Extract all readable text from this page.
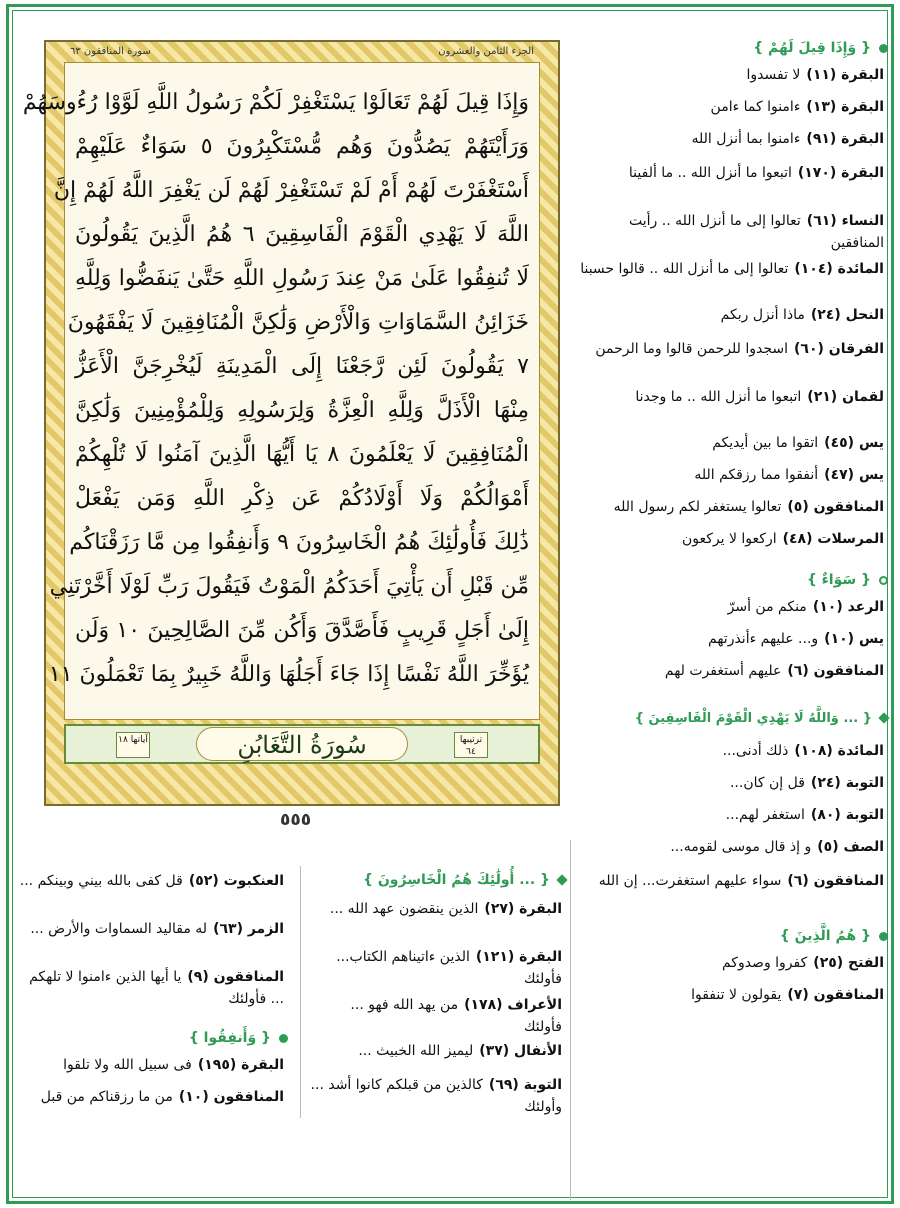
الجزء الثامن والعشرون
سورة المنافقون ٦٣
وَإِذَا قِيلَ لَهُمْ تَعَالَوْا يَسْتَغْفِرْ لَكُمْ رَسُولُ اللَّهِ لَوَّوْا رُءُوسَهُمْ
وَرَأَيْتَهُمْ يَصُدُّونَ وَهُم مُّسْتَكْبِرُونَ ٥ سَوَاءٌ عَلَيْهِمْ
أَسْتَغْفَرْتَ لَهُمْ أَمْ لَمْ تَسْتَغْفِرْ لَهُمْ لَن يَغْفِرَ اللَّهُ لَهُمْ إِنَّ
اللَّهَ لَا يَهْدِي الْقَوْمَ الْفَاسِقِينَ ٦ هُمُ الَّذِينَ يَقُولُونَ
لَا تُنفِقُوا عَلَىٰ مَنْ عِندَ رَسُولِ اللَّهِ حَتَّىٰ يَنفَضُّوا وَلِلَّهِ
خَزَائِنُ السَّمَاوَاتِ وَالْأَرْضِ وَلَٰكِنَّ الْمُنَافِقِينَ لَا يَفْقَهُونَ
٧ يَقُولُونَ لَئِن رَّجَعْنَا إِلَى الْمَدِينَةِ لَيُخْرِجَنَّ الْأَعَزُّ
مِنْهَا الْأَذَلَّ وَلِلَّهِ الْعِزَّةُ وَلِرَسُولِهِ وَلِلْمُؤْمِنِينَ وَلَٰكِنَّ
الْمُنَافِقِينَ لَا يَعْلَمُونَ ٨ يَا أَيُّهَا الَّذِينَ آمَنُوا لَا تُلْهِكُمْ
أَمْوَالُكُمْ وَلَا أَوْلَادُكُمْ عَن ذِكْرِ اللَّهِ وَمَن يَفْعَلْ
ذَٰلِكَ فَأُولَٰئِكَ هُمُ الْخَاسِرُونَ ٩ وَأَنفِقُوا مِن مَّا رَزَقْنَاكُم
مِّن قَبْلِ أَن يَأْتِيَ أَحَدَكُمُ الْمَوْتُ فَيَقُولَ رَبِّ لَوْلَا أَخَّرْتَنِي
إِلَىٰ أَجَلٍ قَرِيبٍ فَأَصَّدَّقَ وَأَكُن مِّنَ الصَّالِحِينَ ١٠ وَلَن
يُؤَخِّرَ اللَّهُ نَفْسًا إِذَا جَاءَ أَجَلُهَا وَاللَّهُ خَبِيرٌ بِمَا تَعْمَلُونَ ١١
ترتيبها ٦٤
سُورَةُ التَّغَابُنِ
آياتها ١٨
٥٥٥
{ وَإِذَا قِيلَ لَهُمْ }
البقرة (١١)لا تفسدوا
البقرة (١٣)ءامنوا كما ءامن
البقرة (٩١)ءامنوا بما أنزل الله
البقرة (١٧٠)اتبعوا ما أنزل الله .. ما ألفينا
النساء (٦١)تعالوا إلى ما أنزل الله .. رأيت المنافقين
المائدة (١٠٤)تعالوا إلى ما أنزل الله .. قالوا حسبنا
النحل (٢٤)ماذا أنزل ربكم
الفرقان (٦٠)اسجدوا للرحمن قالوا وما الرحمن
لقمان (٢١)اتبعوا ما أنزل الله .. ما وجدنا
يس (٤٥)اتقوا ما بين أيديكم
يس (٤٧)أنفقوا مما رزقكم الله
المنافقون (٥)تعالوا يستغفر لكم رسول الله
المرسلات (٤٨)اركعوا لا يركعون
{ سَوَاءٌ }
الرعد (١٠)منكم من أسرّ
يس (١٠)و... عليهم ءأنذرتهم
المنافقون (٦)عليهم أستغفرت لهم
{ ... وَاللَّهُ لَا يَهْدِي الْقَوْمَ الْفَاسِقِينَ }
المائدة (١٠٨)ذلك أدنى...
التوبة (٢٤)قل إن كان...
التوبة (٨٠)استغفر لهم...
الصف (٥)و إذ قال موسى لقومه...
المنافقون (٦)سواء عليهم استغفرت... إن الله
{ هُمُ الَّذِينَ }
الفتح (٢٥)كفروا وصدوكم
المنافقون (٧)يقولون لا تنفقوا
{ ... أُولَٰئِكَ هُمُ الْخَاسِرُونَ }
البقرة (٢٧)الذين ينقضون عهد الله ...
البقرة (١٢١)الذين ءاتيناهم الكتاب... فأولئك
الأعراف (١٧٨)من يهد الله فهو ... فأولئك
الأنفال (٣٧)ليميز الله الخبيث ...
التوبة (٦٩)كالذين من قبلكم كانوا أشد ... وأولئك
العنكبوت (٥٢)قل كفى بالله بيني وبينكم ...
الزمر (٦٣)له مقاليد السماوات والأرض ...
المنافقون (٩)يا أيها الذين ءامنوا لا تلهكم ... فأولئك
{ وَأَنفِقُوا }
البقرة (١٩٥)فى سبيل الله ولا تلقوا
المنافقون (١٠)من ما رزقناكم من قبل
